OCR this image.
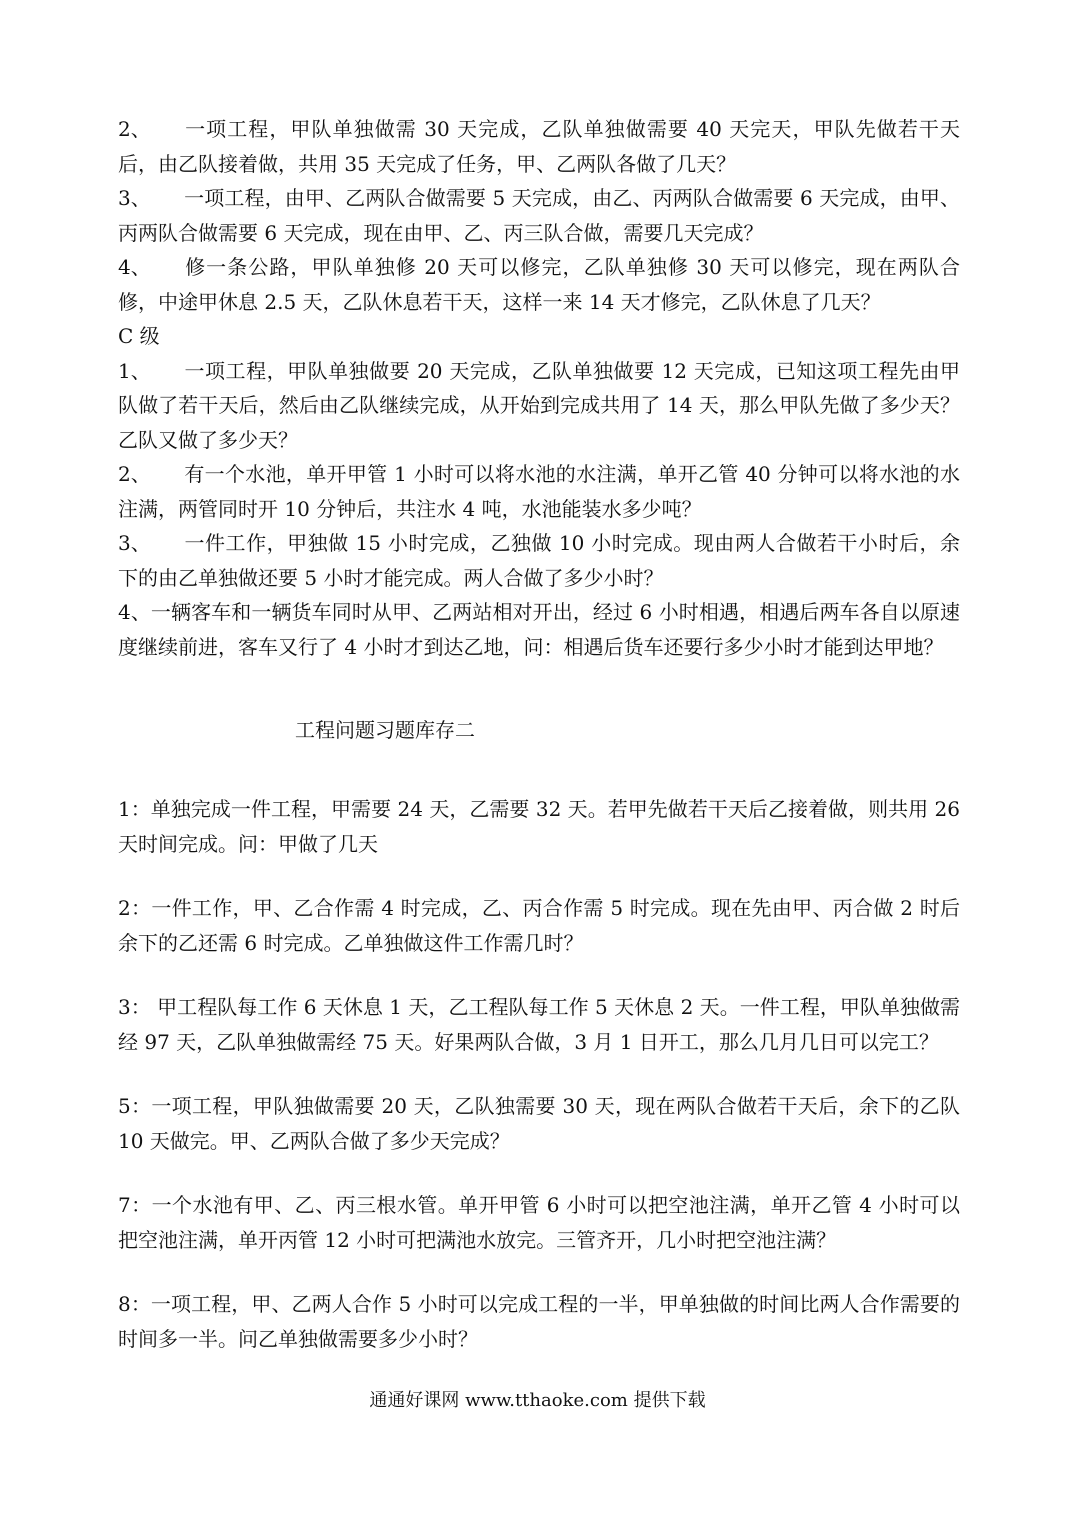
2、 一项工程，甲队单独做需 30 天完成，乙队单独做需要 40 天完天，甲队先做若干天后，由乙队接着做，共用 35 天完成了任务，甲、乙两队各做了几天？

3、 一项工程，由甲、乙两队合做需要 5 天完成，由乙、丙两队合做需要 6 天完成，由甲、丙两队合做需要 6 天完成，现在由甲、乙、丙三队合做，需要几天完成？

4、 修一条公路，甲队单独修 20 天可以修完，乙队单独修 30 天可以修完，现在两队合修，中途甲休息 2.5 天，乙队休息若干天，这样一来 14 天才修完，乙队休息了几天？

C 级

1、 一项工程，甲队单独做要 20 天完成，乙队单独做要 12 天完成，已知这项工程先由甲队做了若干天后，然后由乙队继续完成，从开始到完成共用了 14 天，那么甲队先做了多少天？乙队又做了多少天？

2、 有一个水池，单开甲管 1 小时可以将水池的水注满，单开乙管 40 分钟可以将水池的水注满，两管同时开 10 分钟后，共注水 4 吨，水池能装水多少吨？

3、 一件工作，甲独做 15 小时完成，乙独做 10 小时完成。现由两人合做若干小时后，余下的由乙单独做还要 5 小时才能完成。两人合做了多少小时？

4、一辆客车和一辆货车同时从甲、乙两站相对开出，经过 6 小时相遇，相遇后两车各自以原速度继续前进，客车又行了 4 小时才到达乙地，问：相遇后货车还要行多少小时才能到达甲地？

工程问题习题库存二

1：单独完成一件工程，甲需要 24 天，乙需要 32 天。若甲先做若干天后乙接着做，则共用 26 天时间完成。问：甲做了几天

2：一件工作，甲、乙合作需 4 时完成，乙、丙合作需 5 时完成。现在先由甲、丙合做 2 时后余下的乙还需 6 时完成。乙单独做这件工作需几时？

3： 甲工程队每工作 6 天休息 1 天，乙工程队每工作 5 天休息 2 天。一件工程，甲队单独做需经 97 天，乙队单独做需经 75 天。好果两队合做，3 月 1 日开工，那么几月几日可以完工？

5：一项工程，甲队独做需要 20 天，乙队独需要 30 天，现在两队合做若干天后，余下的乙队 10 天做完。甲、乙两队合做了多少天完成？

7：一个水池有甲、乙、丙三根水管。单开甲管 6 小时可以把空池注满，单开乙管 4 小时可以把空池注满，单开丙管 12 小时可把满池水放完。三管齐开，几小时把空池注满？

8：一项工程，甲、乙两人合作 5 小时可以完成工程的一半，甲单独做的时间比两人合作需要的时间多一半。问乙单独做需要多少小时？

通通好课网 www.tthaoke.com 提供下载
